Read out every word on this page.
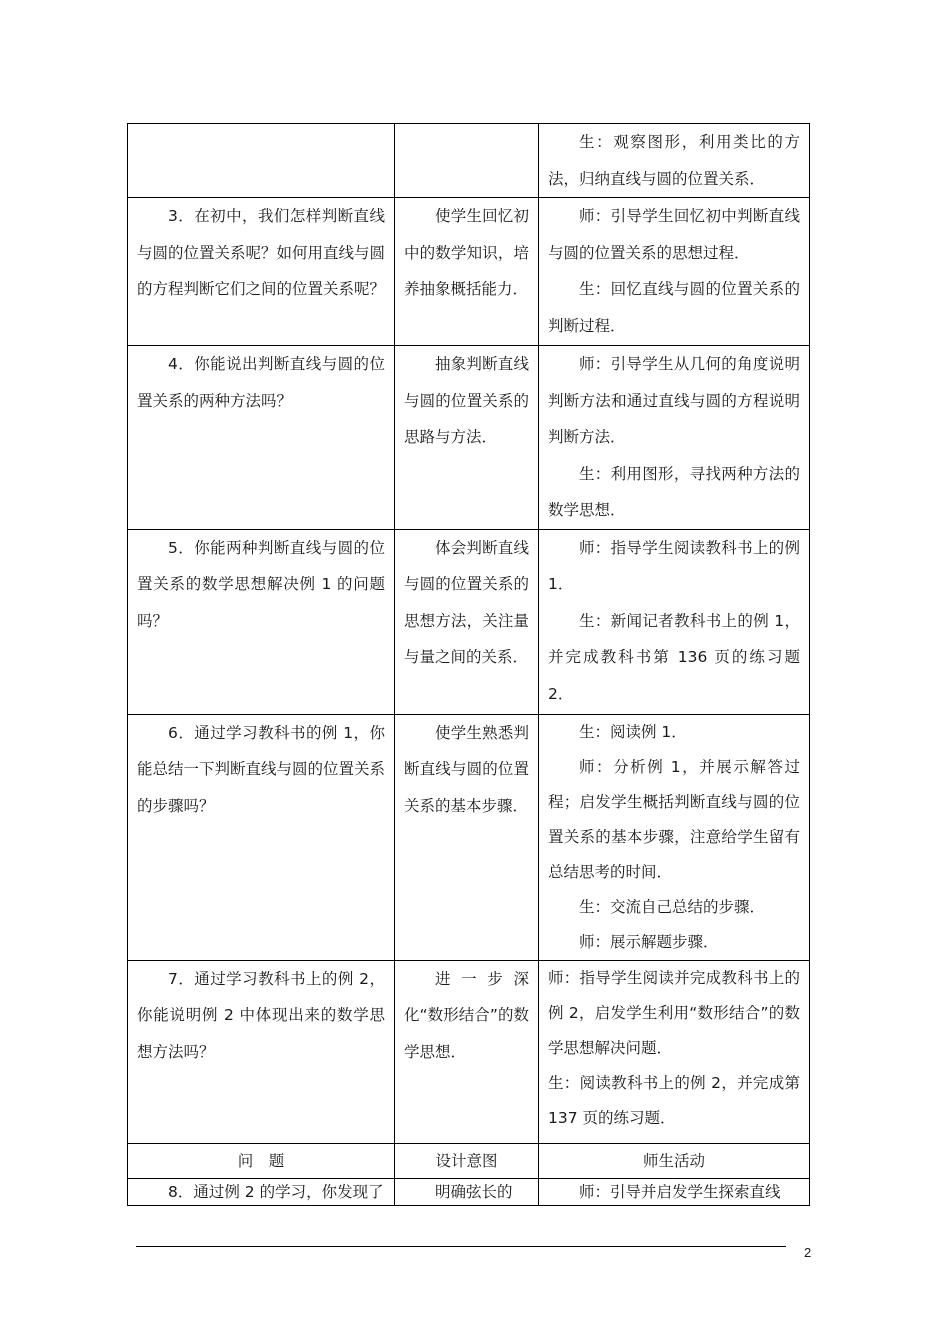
		生：观察图形，利用类比的方法，归纳直线与圆的位置关系．

3．在初中，我们怎样判断直线与圆的位置关系呢？如何用直线与圆的方程判断它们之间的位置关系呢？	使学生回忆初中的数学知识，培养抽象概括能力．	师：引导学生回忆初中判断直线与圆的位置关系的思想过程．
生：回忆直线与圆的位置关系的判断过程．

4．你能说出判断直线与圆的位置关系的两种方法吗？	抽象判断直线与圆的位置关系的思路与方法．	师：引导学生从几何的角度说明判断方法和通过直线与圆的方程说明判断方法．
生：利用图形，寻找两种方法的数学思想．

5．你能两种判断直线与圆的位置关系的数学思想解决例 1 的问题吗？	体会判断直线与圆的位置关系的思想方法，关注量与量之间的关系．	师：指导学生阅读教科书上的例 1．
生：新闻记者教科书上的例 1，并完成教科书第 136 页的练习题 2．

6．通过学习教科书的例 1，你能总结一下判断直线与圆的位置关系的步骤吗？	使学生熟悉判断直线与圆的位置关系的基本步骤．	生：阅读例 1．
师：分析例 1，并展示解答过程；启发学生概括判断直线与圆的位置关系的基本步骤，注意给学生留有总结思考的时间．
生：交流自己总结的步骤．
师：展示解题步骤．

7．通过学习教科书上的例 2，你能说明例 2 中体现出来的数学思想方法吗？	进一步深化“数形结合”的数学思想．	师：指导学生阅读并完成教科书上的例 2，启发学生利用“数形结合”的数学思想解决问题．
生：阅读教科书上的例 2，并完成第 137 页的练习题．

问　题	设计意图	师生活动

8．通过例 2 的学习，你发现了	明确弦长的	师：引导并启发学生探索直线
2
